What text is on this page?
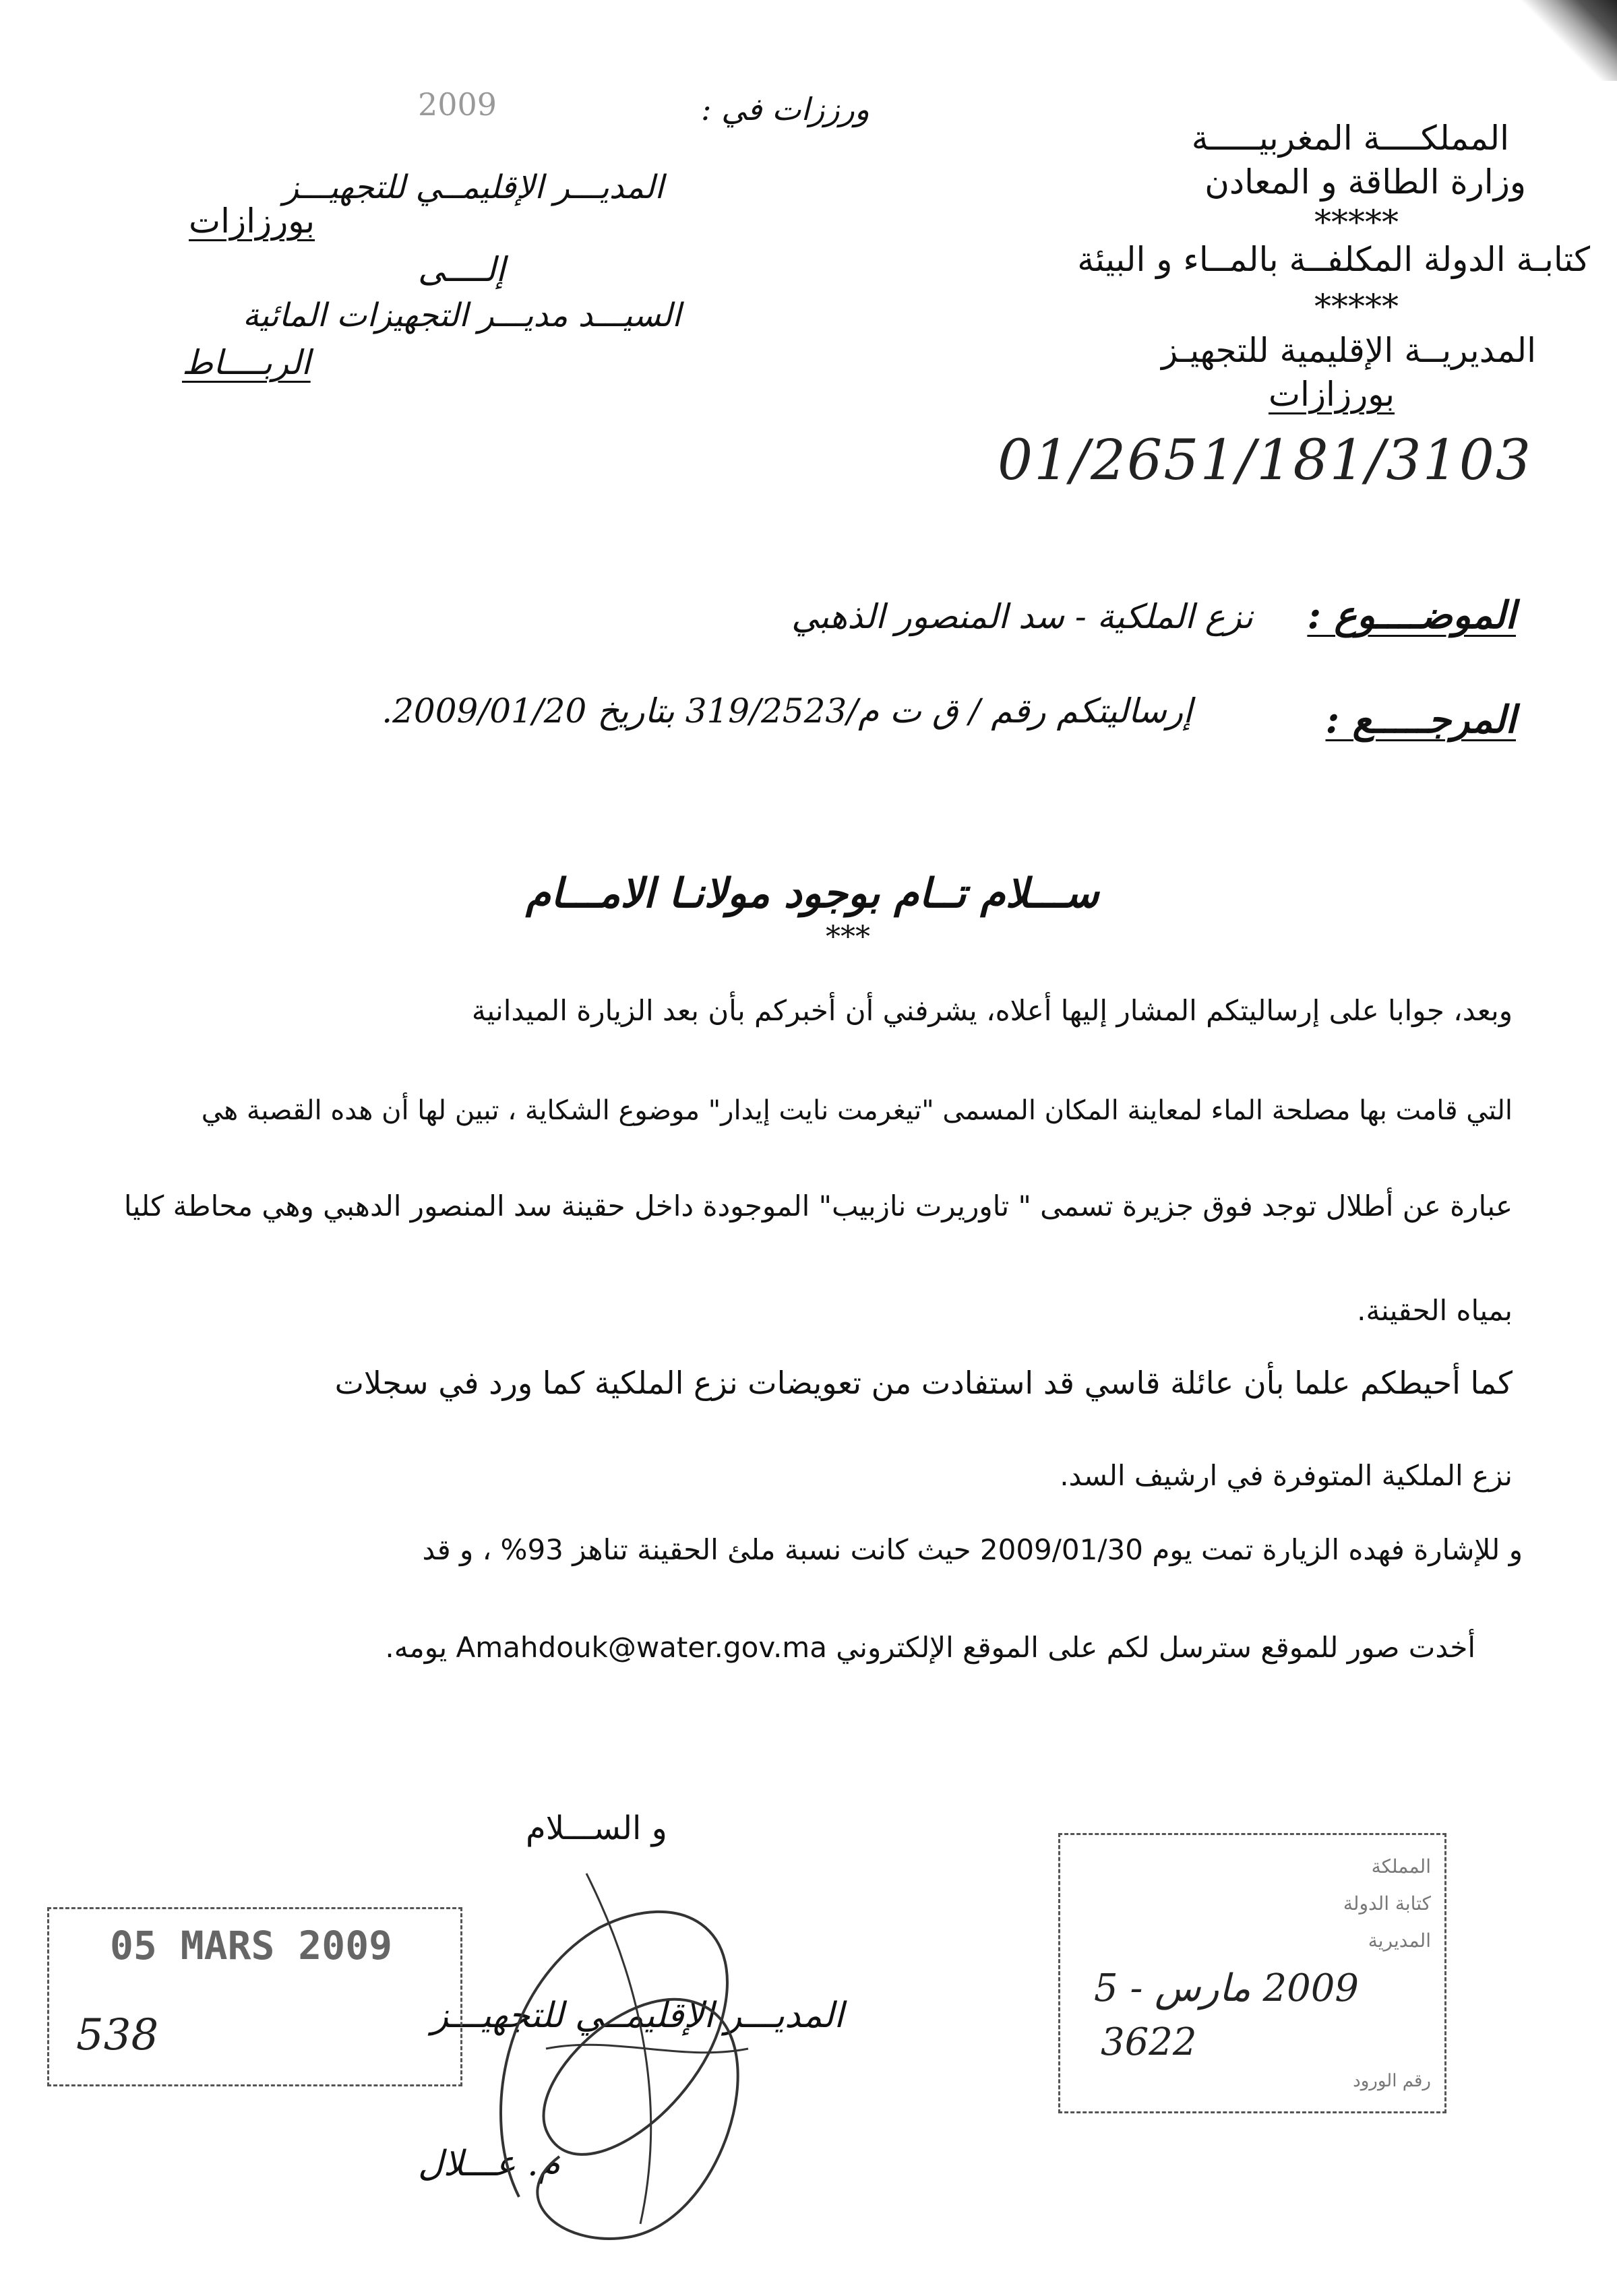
المملكــــة المغربيـــــة
وزارة الطاقة و المعادن
*****
كتابـة الدولة المكلفــة بالمــاء و البيئة
*****
المديريــة الإقليمية للتجهيـز
بورزازات
01/2651/181/3103
ورززات في :
2009
المديـــر الإقليمــي للتجهيـــز
بورزازات
إلــــى
السيـــد مديـــر التجهيزات المائية
الربــــاط
الموضــــوع :
نزع الملكية - سد المنصور الذهبي
المرجـــــع :
إرساليتكم رقم / ق ت م/319/2523 بتاريخ 2009/01/20.
ســـلام تــام بوجود مولانـا الامـــام
***
وبعد، جوابا على إرساليتكم المشار إليها أعلاه، يشرفني أن أخبركم بأن بعد الزيارة الميدانية
التي قامت بها مصلحة الماء لمعاينة المكان المسمى "تيغرمت نايت إيدار" موضوع الشكاية ، تبين لها أن هده القصبة هي
عبارة عن أطلال توجد فوق جزيرة تسمى " تاوريرت نازبيب" الموجودة داخل حقينة سد المنصور الدهبي وهي محاطة كليا
بمياه الحقينة.
كما أحيطكم علما بأن عائلة قاسي قد استفادت من تعويضات نزع الملكية كما ورد في سجلات
نزع الملكية المتوفرة في ارشيف السد.
و للإشارة فهده الزيارة تمت يوم 2009/01/30 حيث كانت نسبة ملئ الحقينة تناهز 93% ، و قد
أخدت صور للموقع سترسل لكم على الموقع الإلكتروني Amahdouk@water.gov.ma يومه.
و الســـلام
المديـــر الإقليمــي للتجهيـــز
م. عـــلال
05 MARS 2009
538
المملكة
كتابة الدولة
المديرية
2009 مارس - 5
3622
رقم الورود
